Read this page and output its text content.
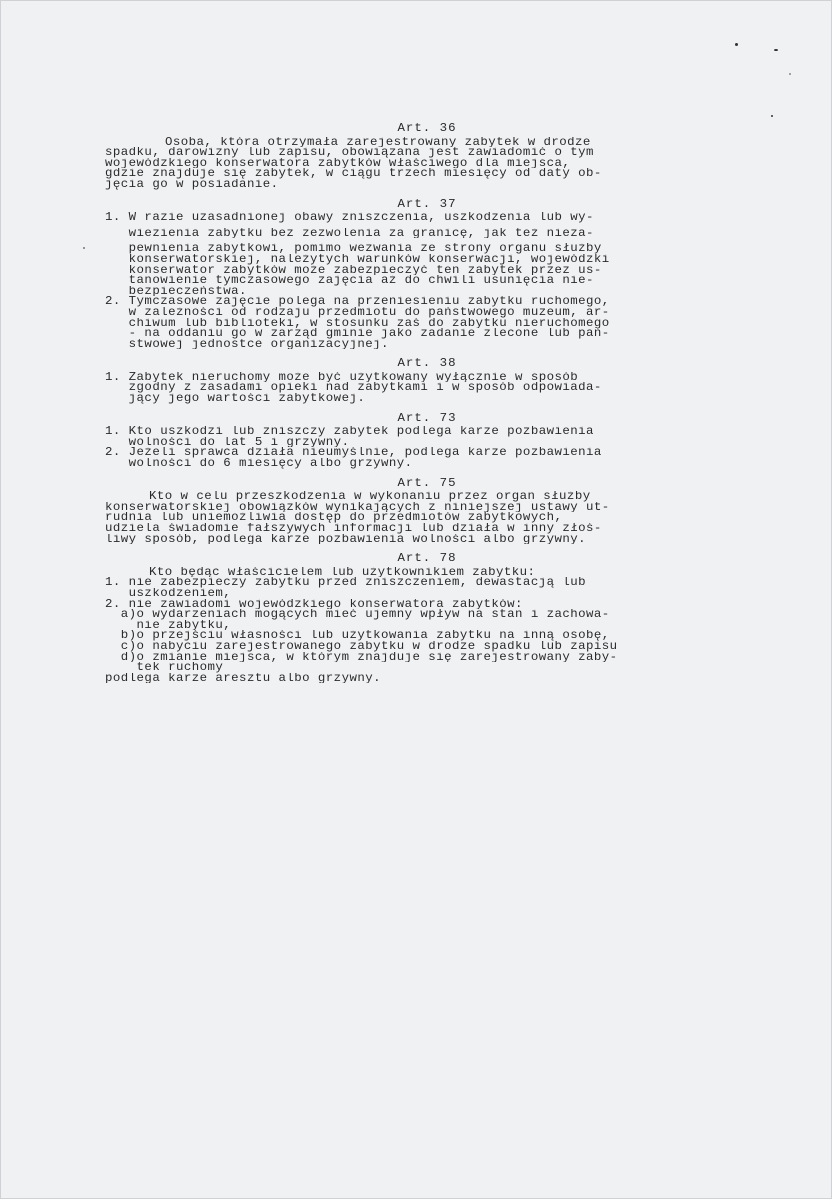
Art. 36
Osoba, która otrzymała zarejestrowany zabytek w drodze
spadku, darowizny lub zapisu, obowiązana jest zawiadomić o tym
wojewódzkiego konserwatora zabytków właściwego dla miejsca,
gdzie znajduje się zabytek, w ciągu trzech miesięcy od daty ob-
jęcia go w posiadanie.
Art. 37
1. W razie uzasadnionej obawy zniszczenia, uszkodzenia lub wy-
wiezienia zabytku bez zezwolenia za granicę, jak też nieza-
pewnienia zabytkowi, pomimo wezwania ze strony organu służby
konserwatorskiej, należytych warunków konserwacji, wojewódzki
konserwator zabytków może zabezpieczyć ten zabytek przez us-
tanowienie tymczasowego zajęcia aż do chwili usunięcia nie-
bezpieczeństwa.
2. Tymczasowe zajęcie polega na przeniesieniu zabytku ruchomego,
w zależności od rodzaju przedmiotu do państwowego muzeum, ar-
chiwum lub biblioteki, w stosunku zaś do zabytku nieruchomego
- na oddaniu go w zarząd gminie jako zadanie zlecone lub pań-
stwowej jednostce organizacyjnej.
Art. 38
1. Zabytek nieruchomy może być użytkowany wyłącznie w sposób
zgodny z zasadami opieki nad zabytkami i w sposób odpowiada-
jący jego wartości zabytkowej.
Art. 73
1. Kto uszkodzi lub zniszczy zabytek podlega karze pozbawienia
wolności do lat 5 i grzywny.
2. Jeżeli sprawca działa nieumyślnie, podlega karze pozbawienia
wolności do 6 miesięcy albo grzywny.
Art. 75
Kto w celu przeszkodzenia w wykonaniu przez organ służby
konserwatorskiej obowiązków wynikających z niniejszej ustawy ut-
rudnia lub uniemożliwia dostęp do przedmiotów zabytkowych,
udziela świadomie fałszywych informacji lub działa w inny złoś-
liwy sposób, podlega karze pozbawienia wolności albo grzywny.
Art. 78
Kto będąc właścicielem lub użytkownikiem zabytku:
1. nie zabezpieczy zabytku przed zniszczeniem, dewastacją lub
uszkodzeniem,
2. nie zawiadomi wojewódzkiego konserwatora zabytków:
a)o wydarzeniach mogących mieć ujemny wpływ na stan i zachowa-
nie zabytku,
b)o przejściu własności lub użytkowania zabytku na inną osobę,
c)o nabyciu zarejestrowanego zabytku w drodze spadku lub zapisu
d)o zmianie miejsca, w którym znajduje się zarejestrowany zaby-
tek ruchomy
podlega karze aresztu albo grzywny.
